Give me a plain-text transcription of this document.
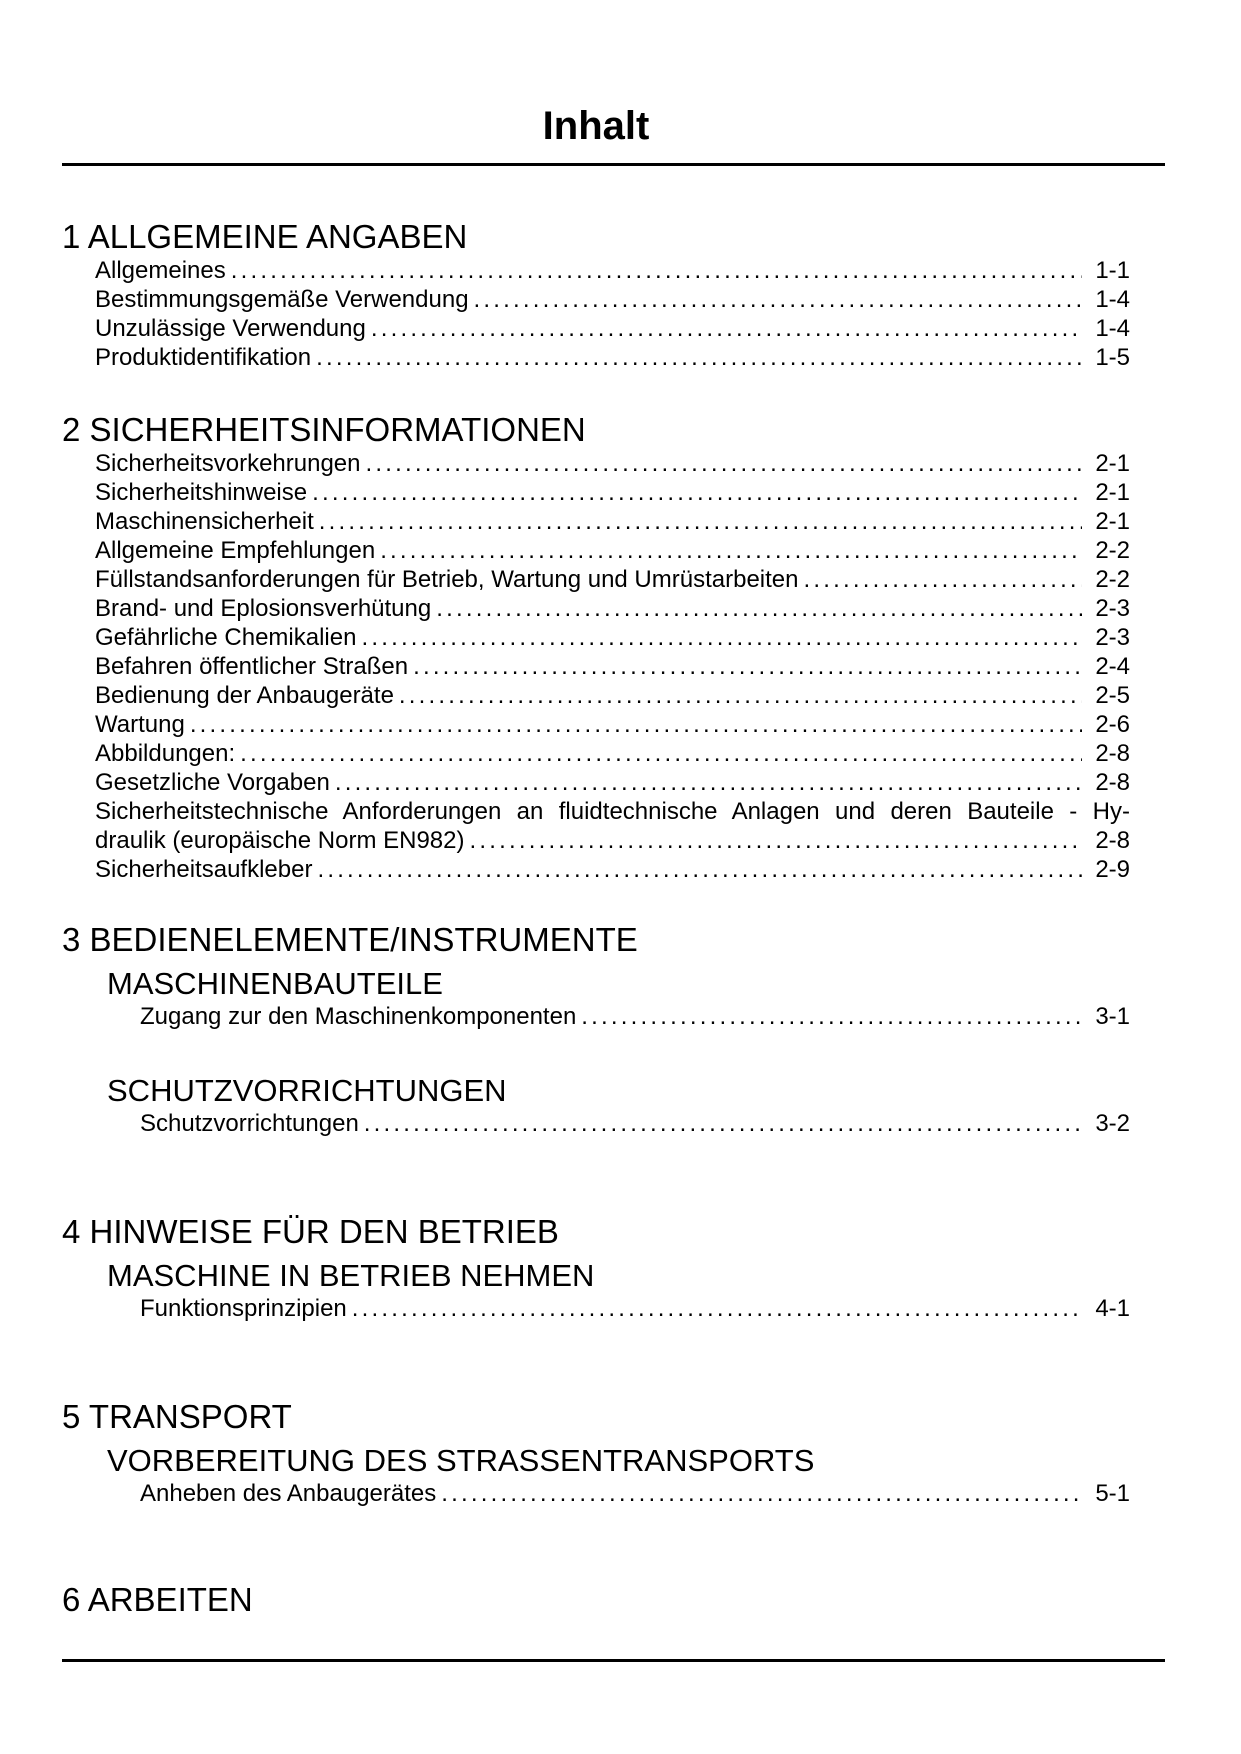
Inhalt
1 ALLGEMEINE ANGABEN
Allgemeines .....	1-1
Bestimmungsgemäße Verwendung .....	1-4
Unzulässige Verwendung .....	1-4
Produktidentifikation .....	1-5
2 SICHERHEITSINFORMATIONEN
Sicherheitsvorkehrungen .....	2-1
Sicherheitshinweise .....	2-1
Maschinensicherheit .....	2-1
Allgemeine Empfehlungen .....	2-2
Füllstandsanforderungen für Betrieb, Wartung und Umrüstarbeiten .....	2-2
Brand- und Eplosionsverhütung .....	2-3
Gefährliche Chemikalien .....	2-3
Befahren öffentlicher Straßen .....	2-4
Bedienung der Anbaugeräte .....	2-5
Wartung .....	2-6
Abbildungen: .....	2-8
Gesetzliche Vorgaben .....	2-8
Sicherheitstechnische Anforderungen an fluidtechnische Anlagen und deren Bauteile - Hy-
draulik (europäische Norm EN982) .....	2-8
Sicherheitsaufkleber .....	2-9
3 BEDIENELEMENTE/INSTRUMENTE
MASCHINENBAUTEILE
Zugang zur den Maschinenkomponenten .....	3-1
SCHUTZVORRICHTUNGEN
Schutzvorrichtungen .....	3-2
4 HINWEISE FÜR DEN BETRIEB
MASCHINE IN BETRIEB NEHMEN
Funktionsprinzipien .....	4-1
5 TRANSPORT
VORBEREITUNG DES STRASSENTRANSPORTS
Anheben des Anbaugerätes .....	5-1
6 ARBEITEN
